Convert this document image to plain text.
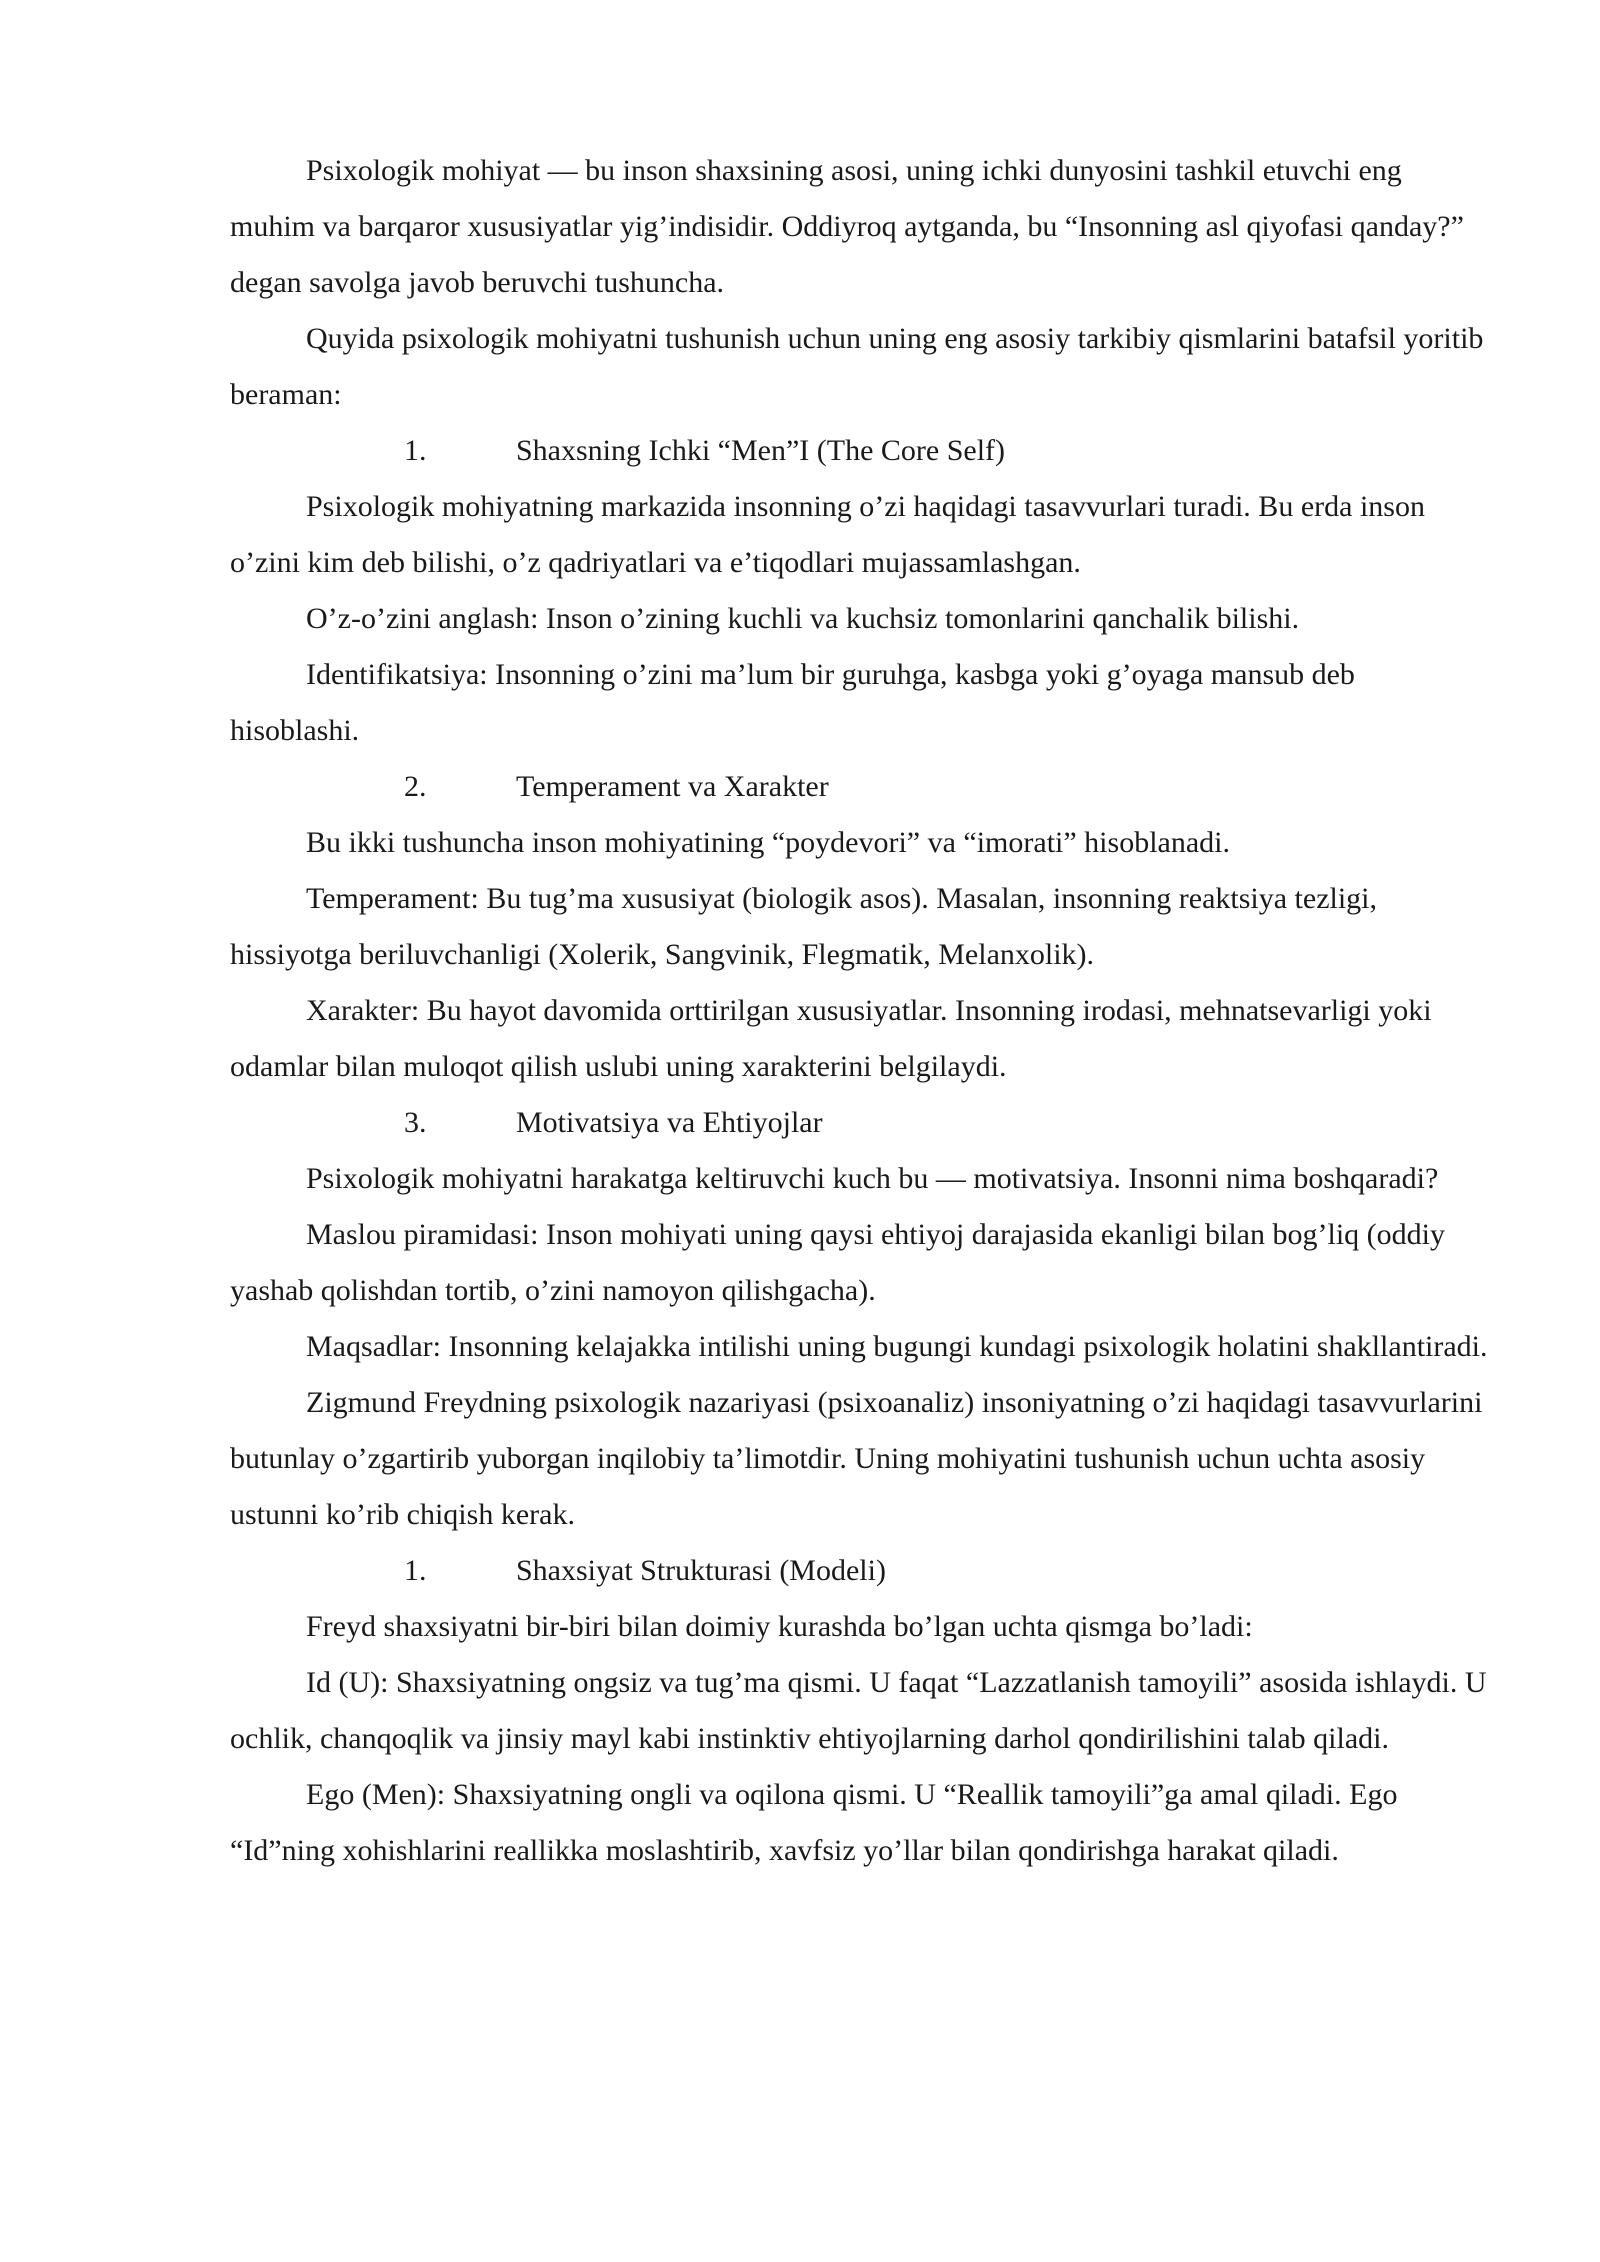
Psixologik mohiyat — bu inson shaxsining asosi, uning ichki dunyosini tashkil etuvchi eng muhim va barqaror xususiyatlar yig’indisidir. Oddiyroq aytganda, bu “Insonning asl qiyofasi qanday?” degan savolga javob beruvchi tushuncha.

Quyida psixologik mohiyatni tushunish uchun uning eng asosiy tarkibiy qismlarini batafsil yoritib beraman:

1.	Shaxsning Ichki “Men”I (The Core Self)

Psixologik mohiyatning markazida insonning o’zi haqidagi tasavvurlari turadi. Bu erda inson o’zini kim deb bilishi, o’z qadriyatlari va e’tiqodlari mujassamlashgan.

O’z-o’zini anglash: Inson o’zining kuchli va kuchsiz tomonlarini qanchalik bilishi.

Identifikatsiya: Insonning o’zini ma’lum bir guruhga, kasbga yoki g’oyaga mansub deb hisoblashi.

2.	Temperament va Xarakter

Bu ikki tushuncha inson mohiyatining “poydevori” va “imorati” hisoblanadi.

Temperament: Bu tug’ma xususiyat (biologik asos). Masalan, insonning reaktsiya tezligi, hissiyotga beriluvchanligi (Xolerik, Sangvinik, Flegmatik, Melanxolik).

Xarakter: Bu hayot davomida orttirilgan xususiyatlar. Insonning irodasi, mehnatsevarligi yoki odamlar bilan muloqot qilish uslubi uning xarakterini belgilaydi.

3.	Motivatsiya va Ehtiyojlar

Psixologik mohiyatni harakatga keltiruvchi kuch bu — motivatsiya. Insonni nima boshqaradi?

Maslou piramidasi: Inson mohiyati uning qaysi ehtiyoj darajasida ekanligi bilan bog’liq (oddiy yashab qolishdan tortib, o’zini namoyon qilishgacha).

Maqsadlar: Insonning kelajakka intilishi uning bugungi kundagi psixologik holatini shakllantiradi.

Zigmund Freydning psixologik nazariyasi (psixoanaliz) insoniyatning o’zi haqidagi tasavvurlarini butunlay o’zgartirib yuborgan inqilobiy ta’limotdir. Uning mohiyatini tushunish uchun uchta asosiy ustunni ko’rib chiqish kerak.

1.	Shaxsiyat Strukturasi (Modeli)

Freyd shaxsiyatni bir-biri bilan doimiy kurashda bo’lgan uchta qismga bo’ladi:

Id (U): Shaxsiyatning ongsiz va tug’ma qismi. U faqat “Lazzatlanish tamoyili” asosida ishlaydi. U ochlik, chanqoqlik va jinsiy mayl kabi instinktiv ehtiyojlarning darhol qondirilishini talab qiladi.

Ego (Men): Shaxsiyatning ongli va oqilona qismi. U “Reallik tamoyili”ga amal qiladi. Ego “Id”ning xohishlarini reallikka moslashtirib, xavfsiz yo’llar bilan qondirishga harakat qiladi.
